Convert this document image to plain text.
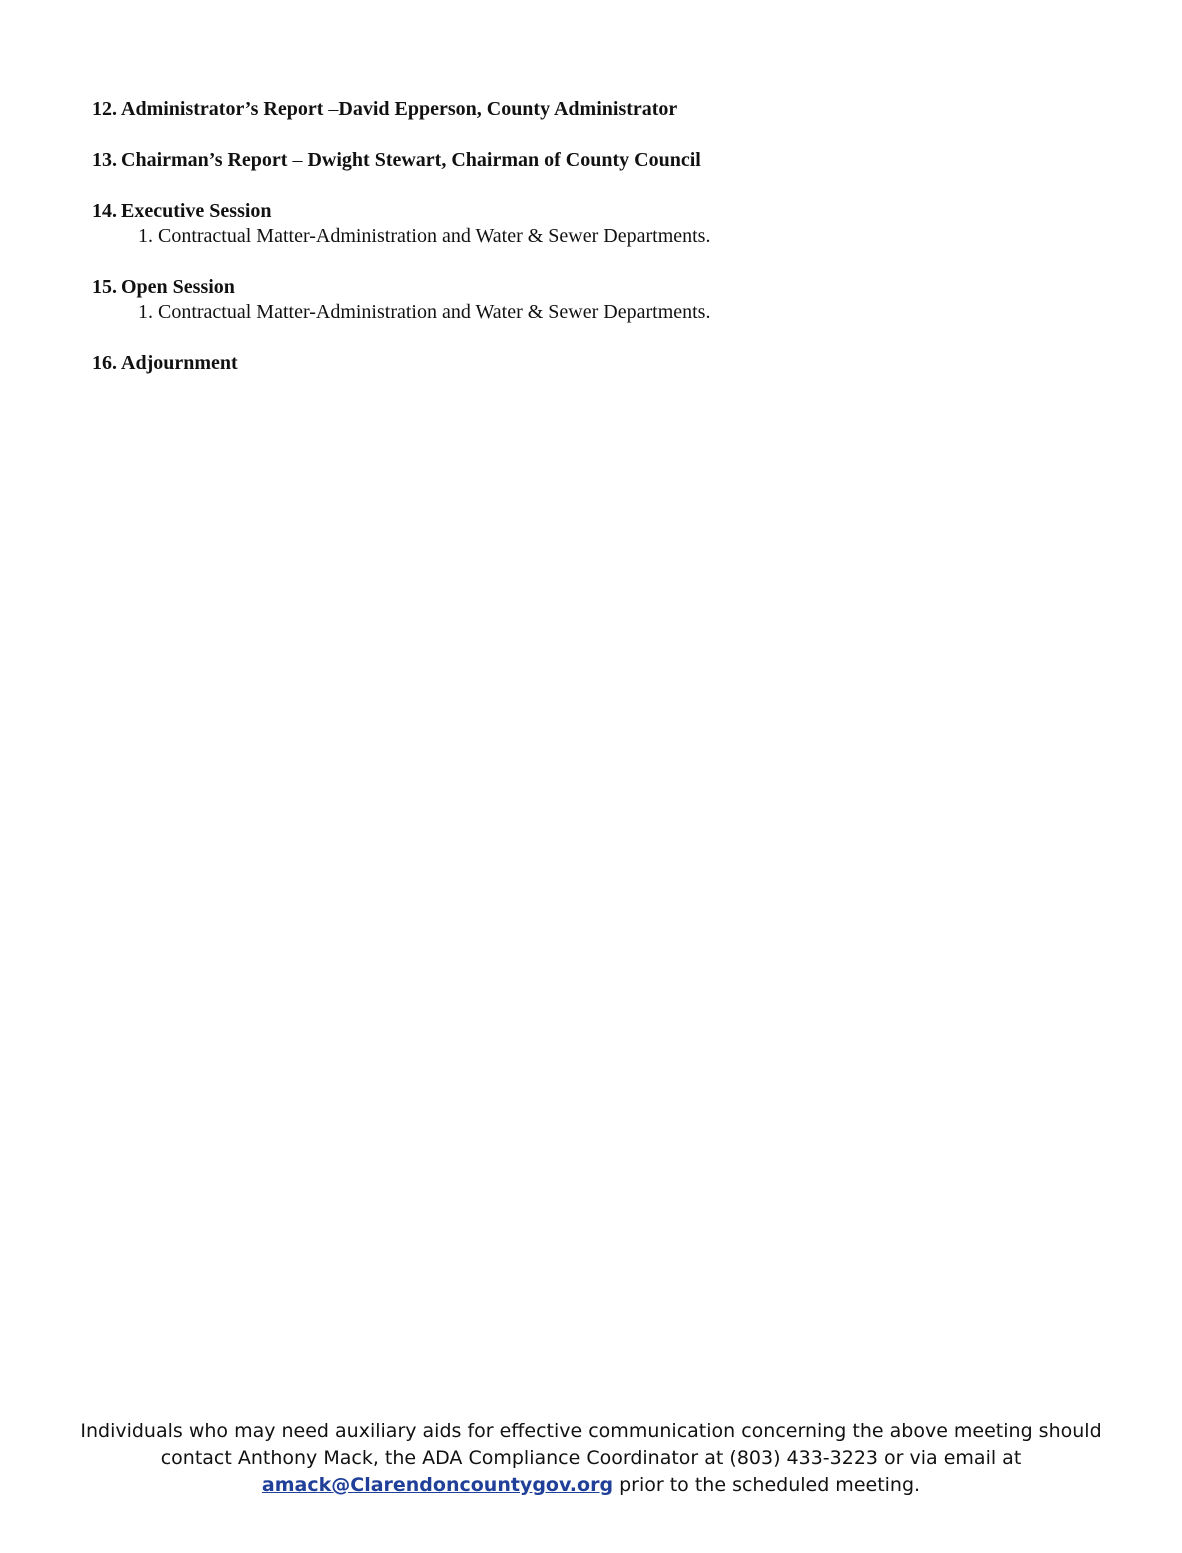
12. Administrator’s Report –David Epperson, County Administrator
13. Chairman’s Report – Dwight Stewart, Chairman of County Council
14. Executive Session
1. Contractual Matter-Administration and Water & Sewer Departments.
15. Open Session
1. Contractual Matter-Administration and Water & Sewer Departments.
16. Adjournment
Individuals who may need auxiliary aids for effective communication concerning the above meeting should
contact Anthony Mack, the ADA Compliance Coordinator at (803) 433-3223 or via email at
amack@Clarendoncountygov.org prior to the scheduled meeting.
